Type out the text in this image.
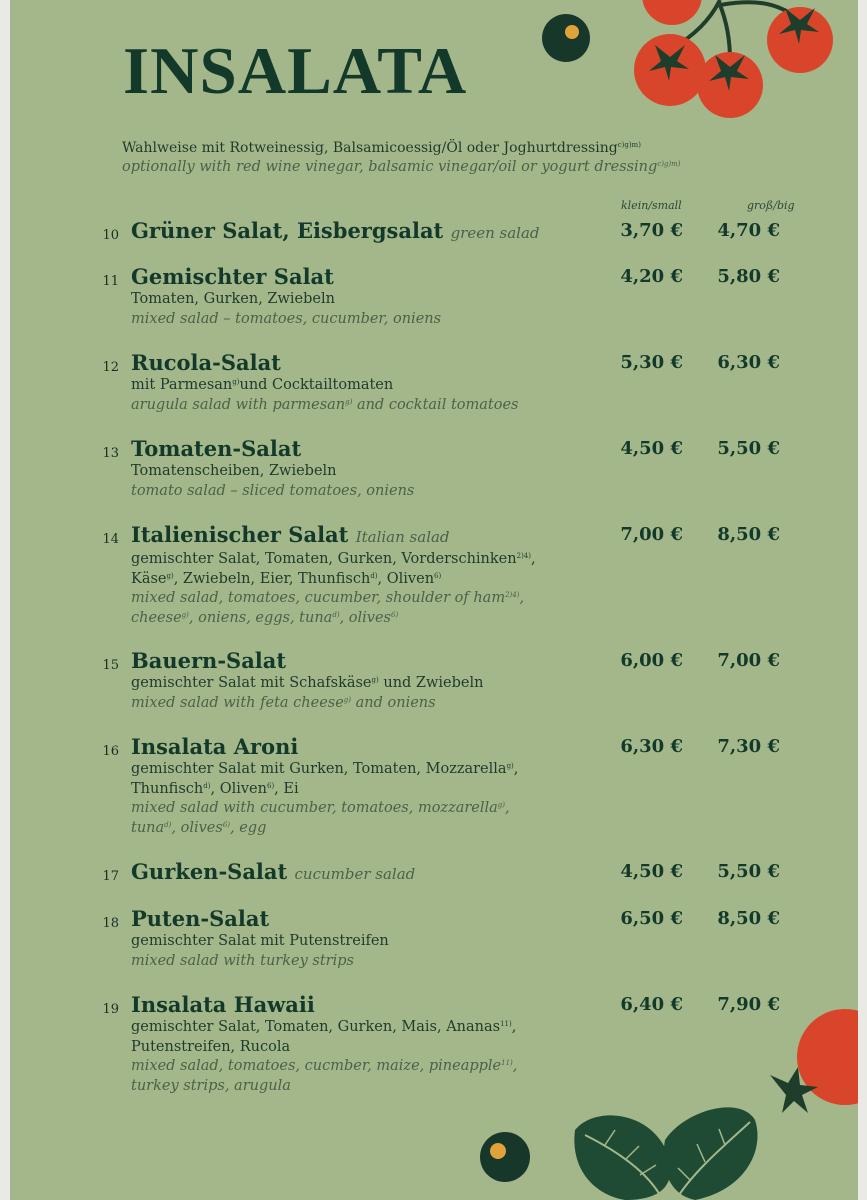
INSALATA
Wahlweise mit Rotweinessig, Balsamicoessig/Öl oder Joghurtdressing$^{c)g)m)}$
optionally with red wine vinegar, balsamic vinegar/oil or yogurt dressing$^{c)g)m)}$
klein/small	groß/big
10 Grüner Salat, Eisbergsalat green salad	3,70 €	4,70 €
11 Gemischter Salat
Tomaten, Gurken, Zwiebeln
mixed salad – tomatoes, cucumber, oniens
4,20 €	5,80 €
12 Rucola-Salat
mit Parmesan$^{g)}$und Cocktailtomaten
arugula salad with parmesan$^{g)}$ and cocktail tomatoes
5,30 €	6,30 €
13 Tomaten-Salat
Tomatenscheiben, Zwiebeln
tomato salad – sliced tomatoes, oniens
4,50 €	5,50 €
14 Italienischer Salat Italian salad
gemischter Salat, Tomaten, Gurken, Vorderschinken$^{2)4)}$,
Käse$^{g)}$, Zwiebeln, Eier, Thunfisch$^{d)}$, Oliven$^{6)}$
mixed salad, tomatoes, cucumber, shoulder of ham$^{2)4)}$,
cheese$^{g)}$, oniens, eggs, tuna$^{d)}$, olives$^{6)}$
7,00 €	8,50 €
15 Bauern-Salat
gemischter Salat mit Schafskäse$^{g)}$ und Zwiebeln
mixed salad with feta cheese$^{g)}$ and oniens
6,00 €	7,00 €
16 Insalata Aroni
gemischter Salat mit Gurken, Tomaten, Mozzarella$^{g)}$,
Thunfisch$^{d)}$, Oliven$^{6)}$, Ei
mixed salad with cucumber, tomatoes, mozzarella$^{g)}$,
tuna$^{d)}$, olives$^{6)}$, egg
6,30 €	7,30 €
17 Gurken-Salat cucumber salad	4,50 €	5,50 €
18 Puten-Salat
gemischter Salat mit Putenstreifen
mixed salad with turkey strips
6,50 €	8,50 €
19 Insalata Hawaii
gemischter Salat, Tomaten, Gurken, Mais, Ananas$^{11)}$,
Putenstreifen, Rucola
mixed salad, tomatoes, cucmber, maize, pineapple$^{11)}$,
turkey strips, arugula
6,40 €	7,90 €
